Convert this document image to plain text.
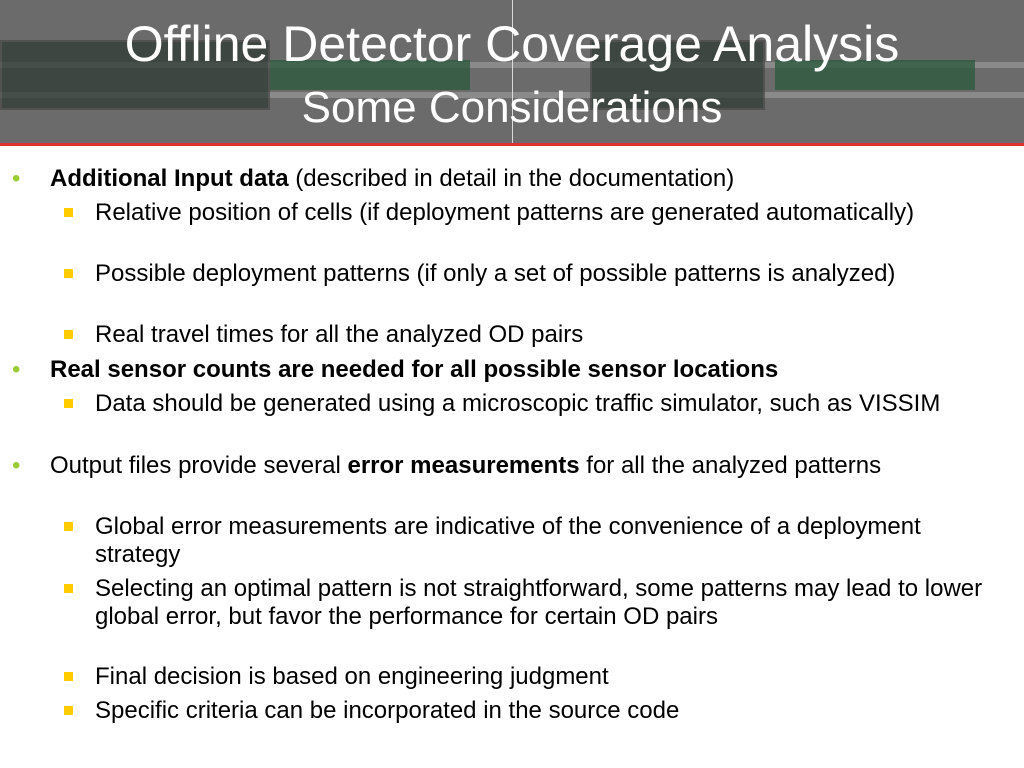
Offline Detector Coverage Analysis
Some Considerations
• Additional Input data (described in detail in the documentation)
Relative position of cells (if deployment patterns are generated automatically)
Possible deployment patterns (if only a set of possible patterns is analyzed)
Real travel times for all the analyzed OD pairs
• Real sensor counts are needed for all possible sensor locations
Data should be generated using a microscopic traffic simulator, such as VISSIM
• Output files provide several error measurements for all the analyzed patterns
Global error measurements are indicative of the convenience of a deployment strategy
Selecting an optimal pattern is not straightforward, some patterns may lead to lower global error, but favor the performance for certain OD pairs
Final decision is based on engineering judgment
Specific criteria can be incorporated in the source code
